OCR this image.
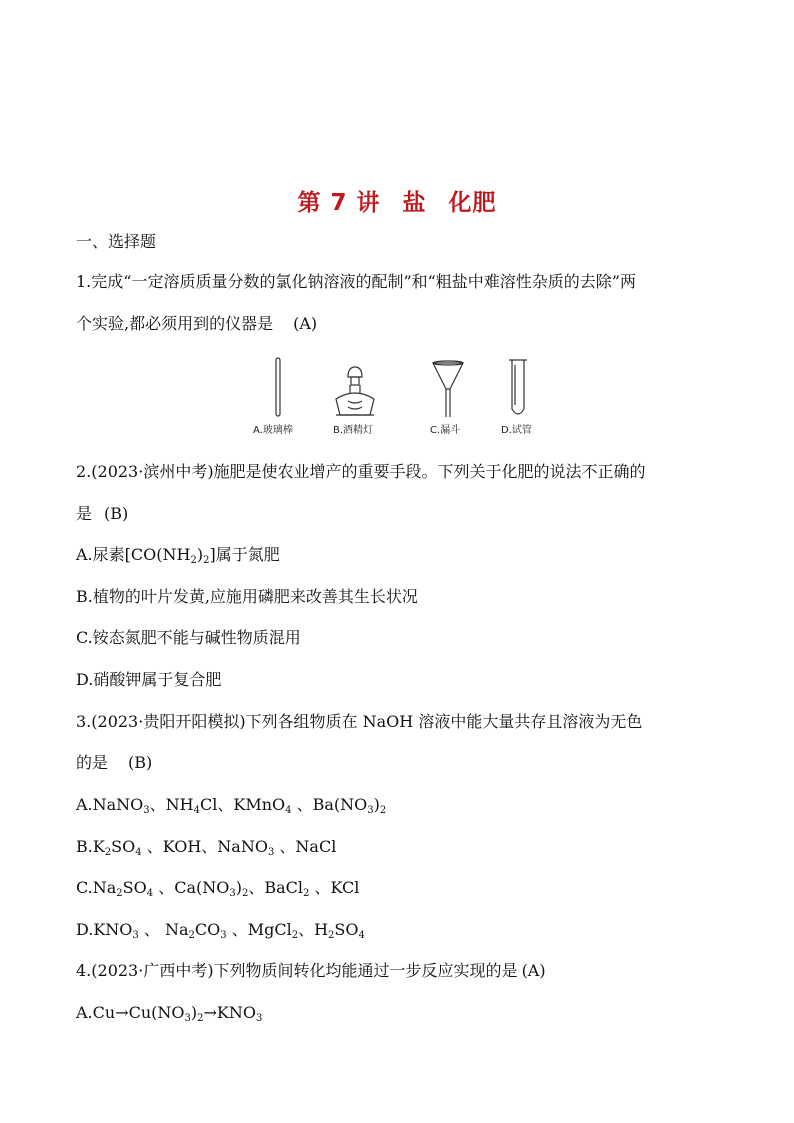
第 7 讲 盐 化肥
一、选择题
1.完成“一定溶质质量分数的氯化钠溶液的配制”和“粗盐中难溶性杂质的去除”两
个实验,都必须用到的仪器是 (A)
A.玻璃棒	B.酒精灯	C.漏斗	D.试管
2.(2023·滨州中考)施肥是使农业增产的重要手段。下列关于化肥的说法不正确的
是 (B)
A.尿素$[CO(NH_2)_2]$属于氮肥
B.植物的叶片发黄,应施用磷肥来改善其生长状况
C.铵态氮肥不能与碱性物质混用
D.硝酸钾属于复合肥
3.(2023·贵阳开阳模拟)下列各组物质在 NaOH 溶液中能大量共存且溶液为无色
的是 (B)
A.NaNO$_3$、$NH_4Cl$、KMnO$_4$ 、$Ba(NO_3)_2$
$B.K_2SO_4$ 、KOH、NaNO$_3$ 、NaCl
$C.Na_2SO_4$ 、$Ca(NO_3)_2$、BaCl$_2$ 、KCl
$D.KNO_3$ 、 $Na_2CO_3$ 、MgCl$_2$、$H_2SO_4$
4.(2023·广西中考)下列物质间转化均能通过一步反应实现的是 (A)
$A.Cu\to Cu(NO_3)_2\to KNO_3$
